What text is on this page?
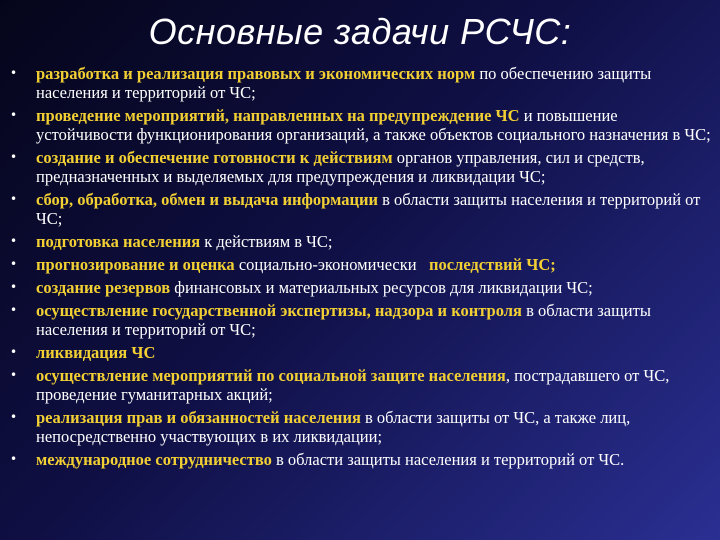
Основные задачи РСЧС:
•	разработка и реализация правовых и экономических норм по обеспечению защиты населения и территорий от ЧС;
•	проведение мероприятий, направленных на предупреждение ЧС и повышение устойчивости функционирования организаций, а также объектов социального назначения в ЧС;
•	создание и обеспечение готовности к действиям органов управления, сил и средств, предназначенных и выделяемых для предупреждения и ликвидации ЧС;
•	сбор, обработка, обмен и выдача информации в области защиты населения и территорий от ЧС;
•	подготовка населения к действиям в ЧС;
•	прогнозирование и оценка социально-экономически   последствий ЧС;
•	создание резервов финансовых и материальных ресурсов для ликвидации ЧС;
•	осуществление государственной экспертизы, надзора и контроля в области защиты населения и территорий от ЧС;
•	ликвидация ЧС
•	осуществление мероприятий по социальной защите населения, пострадавшего от ЧС, проведение гуманитарных акций;
•	реализация прав и обязанностей населения в области защиты от ЧС, а также лиц, непосредственно участвующих в их ликвидации;
•	международное сотрудничество в области защиты населения и территорий от ЧС.
